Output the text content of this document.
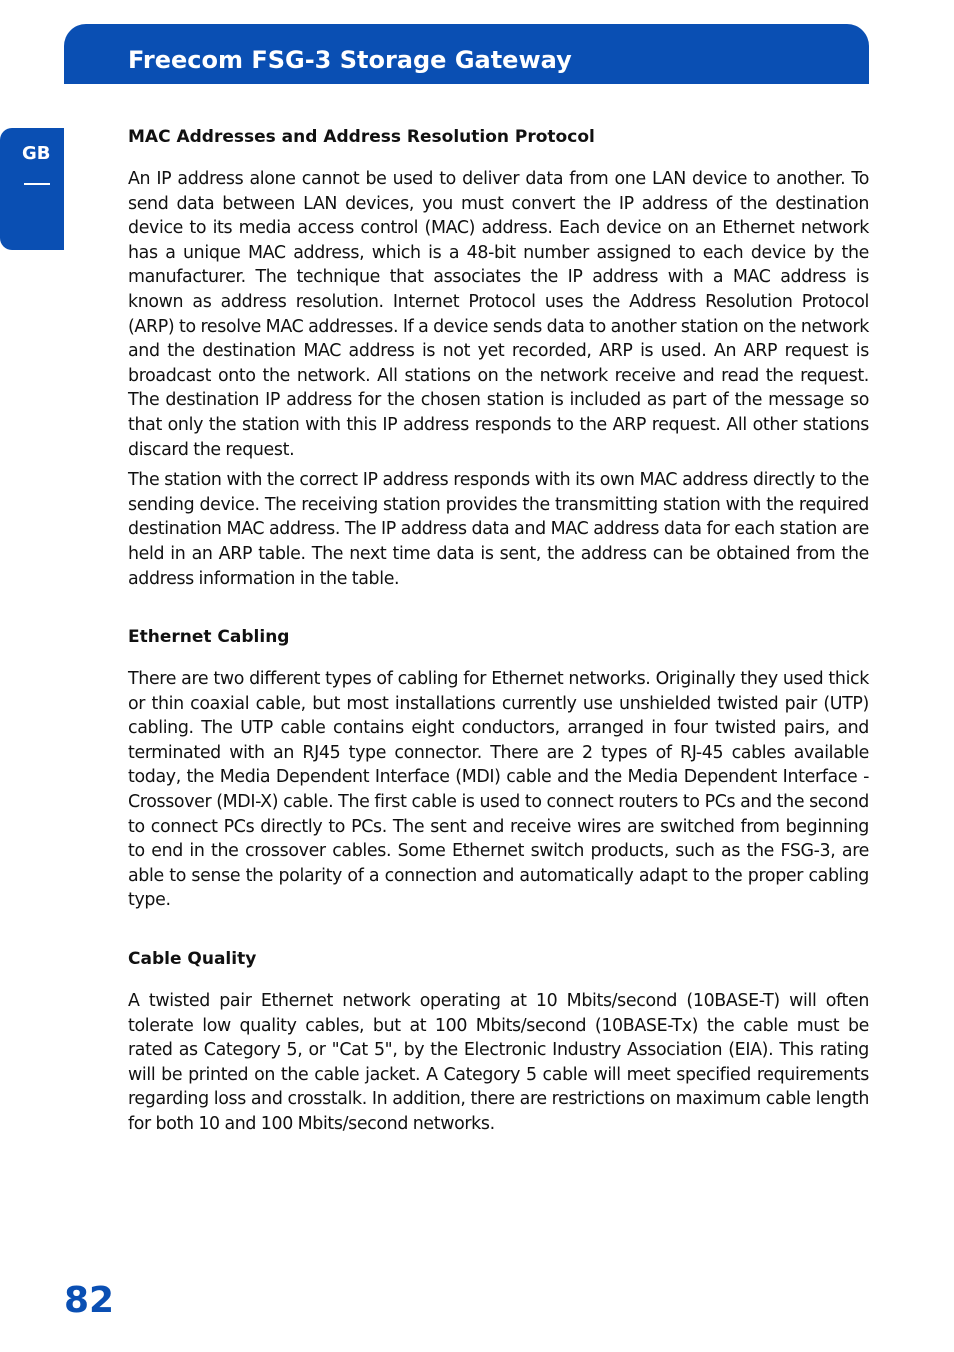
Freecom FSG-3 Storage Gateway
GB
MAC Addresses and Address Resolution Protocol

An IP address alone cannot be used to deliver data from one LAN device to another. To send data between LAN devices, you must convert the IP address of the destination device to its media access control (MAC) address. Each device on an Ethernet network has a unique MAC address, which is a 48-bit number assigned to each device by the manufacturer. The technique that associates the IP address with a MAC address is known as address resolution. Internet Protocol uses the Address Resolution Protocol (ARP) to resolve MAC addresses. If a device sends data to another station on the network and the destination MAC address is not yet recorded, ARP is used. An ARP request is broadcast onto the network. All stations on the network receive and read the request. The destination IP address for the chosen station is included as part of the message so that only the station with this IP address responds to the ARP request. All other stations discard the request.

The station with the correct IP address responds with its own MAC address directly to the sending device. The receiving station provides the transmitting station with the required destination MAC address. The IP address data and MAC address data for each station are held in an ARP table. The next time data is sent, the address can be obtained from the address information in the table.

Ethernet Cabling

There are two different types of cabling for Ethernet networks. Originally they used thick or thin coaxial cable, but most installations currently use unshielded twisted pair (UTP) cabling. The UTP cable contains eight conductors, arranged in four twisted pairs, and terminated with an RJ45 type connector. There are 2 types of RJ-45 cables available today, the Media Dependent Interface (MDI) cable and the Media Dependent Interface - Crossover (MDI-X) cable. The first cable is used to connect routers to PCs and the second to connect PCs directly to PCs. The sent and receive wires are switched from beginning to end in the crossover cables. Some Ethernet switch products, such as the FSG-3, are able to sense the polarity of a connection and automatically adapt to the proper cabling type.

Cable Quality

A twisted pair Ethernet network operating at 10 Mbits/second (10BASE-T) will often tolerate low quality cables, but at 100 Mbits/second (10BASE-Tx) the cable must be rated as Category 5, or "Cat 5", by the Electronic Industry Association (EIA). This rating will be printed on the cable jacket. A Category 5 cable will meet specified requirements regarding loss and crosstalk. In addition, there are restrictions on maximum cable length for both 10 and 100 Mbits/second networks.

82
